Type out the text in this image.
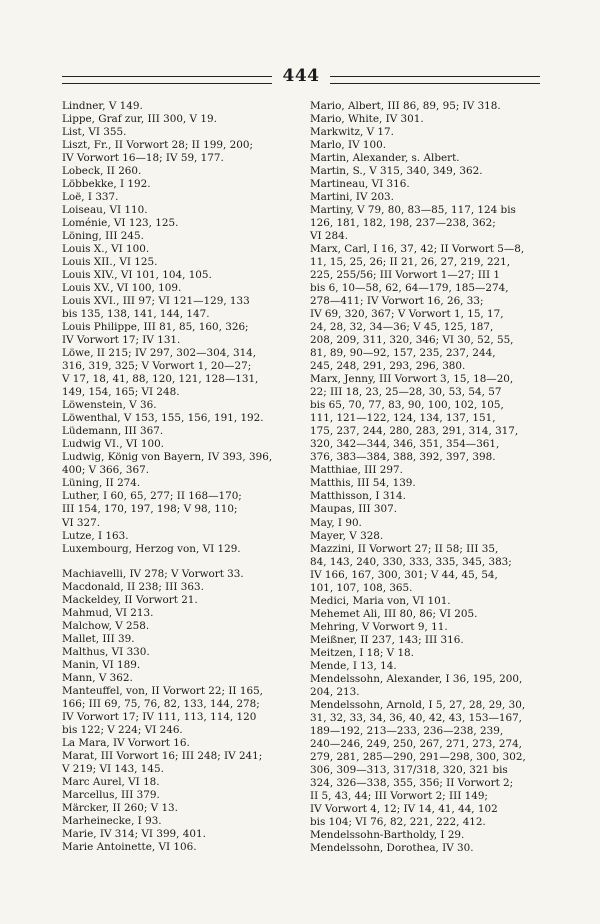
444
Lindner, V 149.
Lippe, Graf zur, III 300, V 19.
List, VI 355.
Liszt, Fr., II Vorwort 28; II 199, 200;
IV Vorwort 16—18; IV 59, 177.
Lobeck, II 260.
Löbbekke, I 192.
Loë, I 337.
Loiseau, VI 110.
Loménie, VI 123, 125.
Löning, III 245.
Louis X., VI 100.
Louis XII., VI 125.
Louis XIV., VI 101, 104, 105.
Louis XV., VI 100, 109.
Louis XVI., III 97; VI 121—129, 133
bis 135, 138, 141, 144, 147.
Louis Philippe, III 81, 85, 160, 326;
IV Vorwort 17; IV 131.
Löwe, II 215; IV 297, 302—304, 314,
316, 319, 325; V Vorwort 1, 20—27;
V 17, 18, 41, 88, 120, 121, 128—131,
149, 154, 165; VI 248.
Löwenstein, V 36.
Löwenthal, V 153, 155, 156, 191, 192.
Lüdemann, III 367.
Ludwig VI., VI 100.
Ludwig, König von Bayern, IV 393, 396,
400; V 366, 367.
Lüning, II 274.
Luther, I 60, 65, 277; II 168—170;
III 154, 170, 197, 198; V 98, 110;
VI 327.
Lutze, I 163.
Luxembourg, Herzog von, VI 129.
Machiavelli, IV 278; V Vorwort 33.
Macdonald, II 238; III 363.
Mackeldey, II Vorwort 21.
Mahmud, VI 213.
Malchow, V 258.
Mallet, III 39.
Malthus, VI 330.
Manin, VI 189.
Mann, V 362.
Manteuffel, von, II Vorwort 22; II 165,
166; III 69, 75, 76, 82, 133, 144, 278;
IV Vorwort 17; IV 111, 113, 114, 120
bis 122; V 224; VI 246.
La Mara, IV Vorwort 16.
Marat, III Vorwort 16; III 248; IV 241;
V 219; VI 143, 145.
Marc Aurel, VI 18.
Marcellus, III 379.
Märcker, II 260; V 13.
Marheinecke, I 93.
Marie, IV 314; VI 399, 401.
Marie Antoinette, VI 106.
Mario, Albert, III 86, 89, 95; IV 318.
Mario, White, IV 301.
Markwitz, V 17.
Marlo, IV 100.
Martin, Alexander, s. Albert.
Martin, S., V 315, 340, 349, 362.
Martineau, VI 316.
Martini, IV 203.
Martiny, V 79, 80, 83—85, 117, 124 bis
126, 181, 182, 198, 237—238, 362;
VI 284.
Marx, Carl, I 16, 37, 42; II Vorwort 5—8,
11, 15, 25, 26; II 21, 26, 27, 219, 221,
225, 255/56; III Vorwort 1—27; III 1
bis 6, 10—58, 62, 64—179, 185—274,
278—411; IV Vorwort 16, 26, 33;
IV 69, 320, 367; V Vorwort 1, 15, 17,
24, 28, 32, 34—36; V 45, 125, 187,
208, 209, 311, 320, 346; VI 30, 52, 55,
81, 89, 90—92, 157, 235, 237, 244,
245, 248, 291, 293, 296, 380.
Marx, Jenny, III Vorwort 3, 15, 18—20,
22; III 18, 23, 25—28, 30, 53, 54, 57
bis 65, 70, 77, 83, 90, 100, 102, 105,
111, 121—122, 124, 134, 137, 151,
175, 237, 244, 280, 283, 291, 314, 317,
320, 342—344, 346, 351, 354—361,
376, 383—384, 388, 392, 397, 398.
Matthiae, III 297.
Matthis, III 54, 139.
Matthisson, I 314.
Maupas, III 307.
May, I 90.
Mayer, V 328.
Mazzini, II Vorwort 27; II 58; III 35,
84, 143, 240, 330, 333, 335, 345, 383;
IV 166, 167, 300, 301; V 44, 45, 54,
101, 107, 108, 365.
Medici, Maria von, VI 101.
Mehemet Ali, III 80, 86; VI 205.
Mehring, V Vorwort 9, 11.
Meißner, II 237, 143; III 316.
Meitzen, I 18; V 18.
Mende, I 13, 14.
Mendelssohn, Alexander, I 36, 195, 200,
204, 213.
Mendelssohn, Arnold, I 5, 27, 28, 29, 30,
31, 32, 33, 34, 36, 40, 42, 43, 153—167,
189—192, 213—233, 236—238, 239,
240—246, 249, 250, 267, 271, 273, 274,
279, 281, 285—290, 291—298, 300, 302,
306, 309—313, 317/318, 320, 321 bis
324, 326—338, 355, 356; II Vorwort 2;
II 5, 43, 44; III Vorwort 2; III 149;
IV Vorwort 4, 12; IV 14, 41, 44, 102
bis 104; VI 76, 82, 221, 222, 412.
Mendelssohn-Bartholdy, I 29.
Mendelssohn, Dorothea, IV 30.
